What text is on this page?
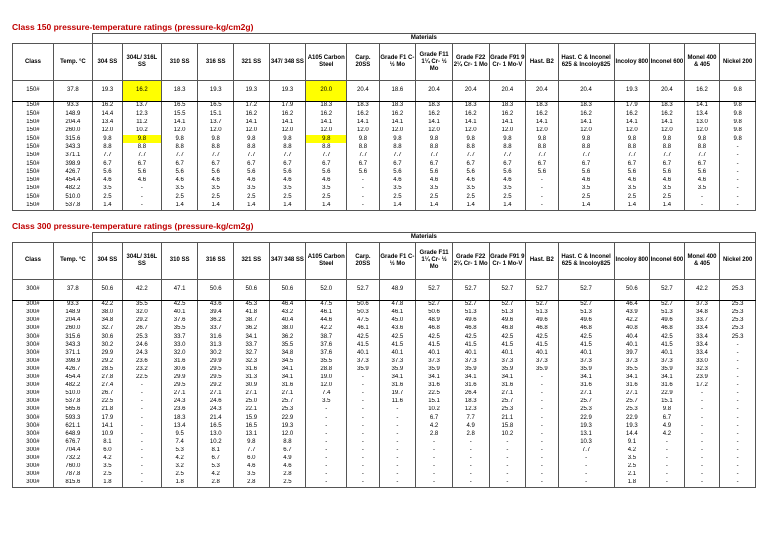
Class 150 pressure-temperature ratings (pressure-kg/cm2g)
		Materials																	
Class	Temp. °C	304 SS	304L/ 316L SS	310 SS	316 SS	321 SS	347/ 348 SS	A105 Carbon Steel	Carp. 20SS	Grade F1 C-½ Mo	Grade F11 1¼ Cr- ½ Mo	Grade F22 2¼ Cr- 1 Mo	Grade F91 9 Cr- 1 Mo-V	Hast. B2	Hast. C & Inconel 625 & Incoloy825	Incoloy 800	Inconel 600	Monel 400 & 405	Nickel 200
150#	37.8	19.3	16.2	18.3	19.3	19.3	19.3	20.0	20.4	18.6	20.4	20.4	20.4	20.4	20.4	19.3	20.4	16.2	9.8
150#	93.3	16.2	13.7	16.5	16.5	17.2	17.9	18.3	18.3	18.3	18.3	18.3	18.3	18.3	18.3	17.9	18.3	14.1	9.8
150#	148.9	14.4	12.3	15.5	15.1	16.2	16.2	16.2	16.2	16.2	16.2	16.2	16.2	16.2	16.2	16.2	16.2	13.4	9.8
150#	204.4	13.4	11.2	14.1	13.7	14.1	14.1	14.1	14.1	14.1	14.1	14.1	14.1	14.1	14.1	14.1	14.1	13.0	9.8
150#	260.0	12.0	10.2	12.0	12.0	12.0	12.0	12.0	12.0	12.0	12.0	12.0	12.0	12.0	12.0	12.0	12.0	12.0	9.8
150#	315.6	9.8	9.8	9.8	9.8	9.8	9.8	9.8	9.8	9.8	9.8	9.8	9.8	9.8	9.8	9.8	9.8	9.8	9.8
150#	343.3	8.8	8.8	8.8	8.8	8.8	8.8	8.8	8.8	8.8	8.8	8.8	8.8	8.8	8.8	8.8	8.8	8.8	-
150#	371.1	7.7	7.7	7.7	7.7	7.7	7.7	7.7	7.7	7.7	7.7	7.7	7.7	7.7	7.7	7.7	7.7	7.7	-
150#	398.9	6.7	6.7	6.7	6.7	6.7	6.7	6.7	6.7	6.7	6.7	6.7	6.7	6.7	6.7	6.7	6.7	6.7	-
150#	426.7	5.6	5.6	5.6	5.6	5.6	5.6	5.6	5.6	5.6	5.6	5.6	5.6	5.6	5.6	5.6	5.6	5.6	-
150#	454.4	4.6	4.6	4.6	4.6	4.6	4.6	4.6	-	4.6	4.6	4.6	4.6	-	4.6	4.6	4.6	4.6	-
150#	482.2	3.5	-	3.5	3.5	3.5	3.5	3.5	-	3.5	3.5	3.5	3.5	-	3.5	3.5	3.5	3.5	-
150#	510.0	2.5	-	2.5	2.5	2.5	2.5	2.5	-	2.5	2.5	2.5	2.5	-	2.5	2.5	2.5	-	-
150#	537.8	1.4	-	1.4	1.4	1.4	1.4	1.4	-	1.4	1.4	1.4	1.4	-	1.4	1.4	1.4	-	-
Class 300 pressure-temperature ratings (pressure-kg/cm2g)
		Materials																	
Class	Temp. °C	304 SS	304L/ 316L SS	310 SS	316 SS	321 SS	347/ 348 SS	A105 Carbon Steel	Carp. 20SS	Grade F1 C-½ Mo	Grade F11 1¼ Cr- ½ Mo	Grade F22 2¼ Cr- 1 Mo	Grade F91 9 Cr- 1 Mo-V	Hast. B2	Hast. C & Inconel 625 & Incoloy825	Incoloy 800	Inconel 600	Monel 400 & 405	Nickel 200
300#	37.8	50.6	42.2	47.1	50.6	50.6	50.6	52.0	52.7	48.9	52.7	52.7	52.7	52.7	52.7	50.6	52.7	42.2	25.3
300#	93.3	42.2	35.5	42.5	43.6	45.3	46.4	47.5	50.6	47.8	52.7	52.7	52.7	52.7	52.7	46.4	52.7	37.3	25.3
300#	148.9	38.0	32.0	40.1	39.4	41.8	43.2	46.1	50.3	46.1	50.6	51.3	51.3	51.3	51.3	43.9	51.3	34.8	25.3
300#	204.4	34.8	29.2	37.6	36.2	38.7	40.4	44.6	47.5	45.0	48.9	49.6	49.6	49.6	49.6	42.2	49.6	33.7	25.3
300#	260.0	32.7	26.7	35.5	33.7	36.2	38.0	42.2	46.1	43.6	46.8	46.8	46.8	46.8	46.8	40.8	46.8	33.4	25.3
300#	315.6	30.6	25.3	33.7	31.6	34.1	36.2	38.7	42.5	42.5	42.5	42.5	42.5	42.5	42.5	40.4	42.5	33.4	25.3
300#	343.3	30.2	24.6	33.0	31.3	33.7	35.5	37.6	41.5	41.5	41.5	41.5	41.5	41.5	41.5	40.1	41.5	33.4	-
300#	371.1	29.9	24.3	32.0	30.2	32.7	34.8	37.6	40.1	40.1	40.1	40.1	40.1	40.1	40.1	39.7	40.1	33.4	-
300#	398.9	29.2	23.6	31.6	29.9	32.3	34.5	35.5	37.3	37.3	37.3	37.3	37.3	37.3	37.3	37.3	37.3	33.0	-
300#	426.7	28.5	23.2	30.6	29.5	31.6	34.1	28.8	35.9	35.9	35.9	35.9	35.9	35.9	35.9	35.5	35.9	32.3	-
300#	454.4	27.8	22.5	29.9	29.5	31.3	34.1	19.0	-	34.1	34.1	34.1	34.1	-	34.1	34.1	34.1	23.9	-
300#	482.2	27.4	-	29.5	29.2	30.9	31.6	12.0	-	31.6	31.6	31.6	31.6	-	31.6	31.6	31.6	17.2	-
300#	510.0	26.7	-	27.1	27.1	27.1	27.1	7.4	-	19.7	22.5	26.4	27.1	-	27.1	27.1	22.9	-	-
300#	537.8	22.5	-	24.3	24.6	25.0	25.7	3.5	-	11.6	15.1	18.3	25.7	-	25.7	25.7	15.1	-	-
300#	565.6	21.8	-	23.6	24.3	22.1	25.3	-	-	-	10.2	12.3	25.3	-	25.3	25.3	9.8	-	-
300#	593.3	17.9	-	18.3	21.4	15.9	22.9	-	-	-	6.7	7.7	21.1	-	22.9	22.9	6.7	-	-
300#	621.1	14.1	-	13.4	16.5	16.5	19.3	-	-	-	4.2	4.9	15.8	-	19.3	19.3	4.9	-	-
300#	648.9	10.9	-	9.5	13.0	13.1	12.0	-	-	-	2.8	2.8	10.2	-	13.1	14.4	4.2	-	-
300#	676.7	8.1	-	7.4	10.2	9.8	8.8	-	-	-	-	-	-	-	10.3	9.1	-	-	-
300#	704.4	6.0	-	5.3	8.1	7.7	6.7	-	-	-	-	-	-	-	7.7	4.2	-	-	-
300#	732.2	4.2	-	4.2	6.7	6.0	4.9	-	-	-	-	-	-	-	-	3.5	-	-	-
300#	760.0	3.5	-	3.2	5.3	4.6	4.6	-	-	-	-	-	-	-	-	2.5	-	-	-
300#	787.8	2.5	-	2.5	4.2	3.5	2.8	-	-	-	-	-	-	-	-	2.1	-	-	-
300#	815.6	1.8	-	1.8	2.8	2.8	2.5	-	-	-	-	-	-	-	-	1.8	-	-	-
